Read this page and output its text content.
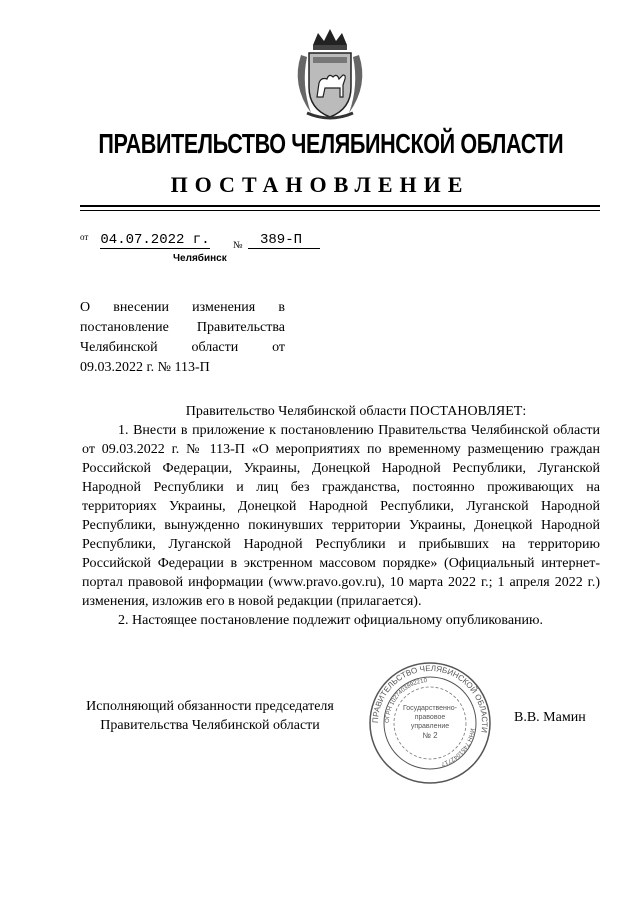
ПРАВИТЕЛЬСТВО ЧЕЛЯБИНСКОЙ ОБЛАСТИ
ПОСТАНОВЛЕНИЕ
от 04.07.2022 г. №	389-П
Челябинск
О внесении изменения в постановление Правительства Челябинской области от 09.03.2022 г. № 113-П

Правительство Челябинской области ПОСТАНОВЛЯЕТ:

1. Внести в приложение к постановлению Правительства Челябинской области от 09.03.2022 г. № 113-П «О мероприятиях по временному размещению граждан Российской Федерации, Украины, Донецкой Народной Республики, Луганской Народной Республики и лиц без гражданства, постоянно проживающих на территориях Украины, Донецкой Народной Республики, Луганской Народной Республики, вынужденно покинувших территории Украины, Донецкой Народной Республики, Луганской Народной Республики и прибывших на территорию Российской Федерации в экстренном массовом порядке» (Официальный интернет-портал правовой информации (www.pravo.gov.ru), 10 марта 2022 г.; 1 апреля 2022 г.) изменения, изложив его в новой редакции (прилагается).

2. Настоящее постановление подлежит официальному опубликованию.

Исполняющий обязанности председателя
Правительства Челябинской области	ПРАВИТЕЛЬСТВО ЧЕЛЯБИНСКОЙ ОБЛАСТИ
ОГРН 1027403892210
ИНН 7451042717
Государственно-
правовое
управление
№ 2
В.В. Мамин
